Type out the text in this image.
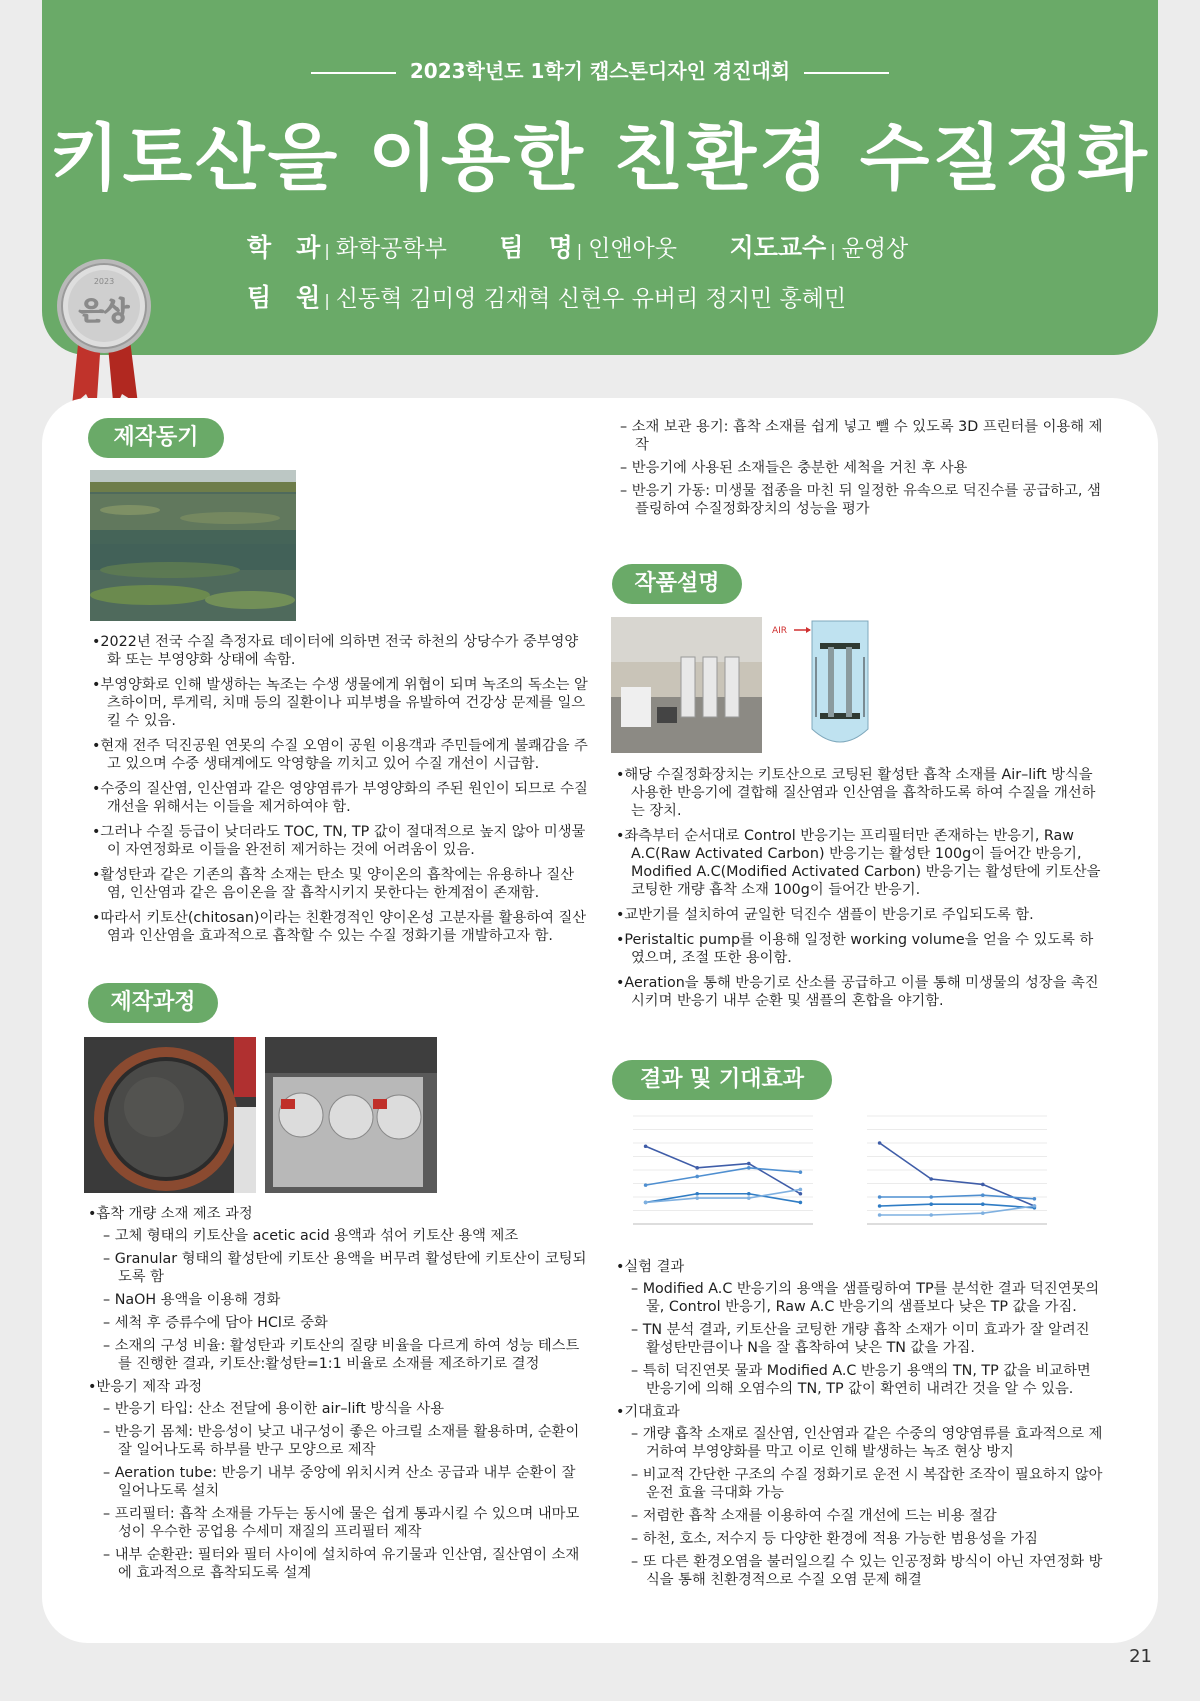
2023학년도 1학기 캡스톤디자인 경진대회
키토산을 이용한 친환경 수질정화
학　과 | 화학공학부 팀　명 | 인앤아웃 지도교수 | 윤영상
팀　원 | 신동혁 김미영 김재혁 신현우 유버리 정지민 홍혜민
2023
은상
제작동기

•2022년 전국 수질 측정자료 데이터에 의하면 전국 하천의 상당수가 중부영양화 또는 부영양화 상태에 속함.

•부영양화로 인해 발생하는 녹조는 수생 생물에게 위협이 되며 녹조의 독소는 알츠하이머, 루게릭, 치매 등의 질환이나 피부병을 유발하여 건강상 문제를 일으킬 수 있음.

•현재 전주 덕진공원 연못의 수질 오염이 공원 이용객과 주민들에게 불쾌감을 주고 있으며 수중 생태계에도 악영향을 끼치고 있어 수질 개선이 시급함.

•수중의 질산염, 인산염과 같은 영양염류가 부영양화의 주된 원인이 되므로 수질 개선을 위해서는 이들을 제거하여야 함.

•그러나 수질 등급이 낮더라도 TOC, TN, TP 값이 절대적으로 높지 않아 미생물이 자연정화로 이들을 완전히 제거하는 것에 어려움이 있음.

•활성탄과 같은 기존의 흡착 소재는 탄소 및 양이온의 흡착에는 유용하나 질산염, 인산염과 같은 음이온을 잘 흡착시키지 못한다는 한계점이 존재함.

•따라서 키토산(chitosan)이라는 친환경적인 양이온성 고분자를 활용하여 질산염과 인산염을 효과적으로 흡착할 수 있는 수질 정화기를 개발하고자 함.

제작과정

•흡착 개량 소재 제조 과정

– 고체 형태의 키토산을 acetic acid 용액과 섞어 키토산 용액 제조

– Granular 형태의 활성탄에 키토산 용액을 버무려 활성탄에 키토산이 코팅되도록 함

– NaOH 용액을 이용해 경화

– 세척 후 증류수에 담아 HCl로 중화

– 소재의 구성 비율: 활성탄과 키토산의 질량 비율을 다르게 하여 성능 테스트를 진행한 결과, 키토산:활성탄=1:1 비율로 소재를 제조하기로 결정

•반응기 제작 과정

– 반응기 타입: 산소 전달에 용이한 air–lift 방식을 사용

– 반응기 몸체: 반응성이 낮고 내구성이 좋은 아크릴 소재를 활용하며, 순환이 잘 일어나도록 하부를 반구 모양으로 제작

– Aeration tube: 반응기 내부 중앙에 위치시켜 산소 공급과 내부 순환이 잘 일어나도록 설치

– 프리필터: 흡착 소재를 가두는 동시에 물은 쉽게 통과시킬 수 있으며 내마모성이 우수한 공업용 수세미 재질의 프리필터 제작

– 내부 순환관: 필터와 필터 사이에 설치하여 유기물과 인산염, 질산염이 소재에 효과적으로 흡착되도록 설계

– 소재 보관 용기: 흡착 소재를 쉽게 넣고 뺄 수 있도록 3D 프린터를 이용해 제작

– 반응기에 사용된 소재들은 충분한 세척을 거친 후 사용

– 반응기 가동: 미생물 접종을 마친 뒤 일정한 유속으로 덕진수를 공급하고, 샘플링하여 수질정화장치의 성능을 평가

작품설명
AIR

•해당 수질정화장치는 키토산으로 코팅된 활성탄 흡착 소재를 Air–lift 방식을 사용한 반응기에 결합해 질산염과 인산염을 흡착하도록 하여 수질을 개선하는 장치.

•좌측부터 순서대로 Control 반응기는 프리필터만 존재하는 반응기, Raw A.C(Raw Activated Carbon) 반응기는 활성탄 100g이 들어간 반응기, Modified A.C(Modified Activated Carbon) 반응기는 활성탄에 키토산을 코팅한 개량 흡착 소재 100g이 들어간 반응기.

•교반기를 설치하여 균일한 덕진수 샘플이 반응기로 주입되도록 함.

•Peristaltic pump를 이용해 일정한 working volume을 얻을 수 있도록 하였으며, 조절 또한 용이함.

•Aeration을 통해 반응기로 산소를 공급하고 이를 통해 미생물의 성장을 촉진시키며 반응기 내부 순환 및 샘플의 혼합을 야기함.

결과 및 기대효과

•실험 결과

– Modified A.C 반응기의 용액을 샘플링하여 TP를 분석한 결과 덕진연못의 물, Control 반응기, Raw A.C 반응기의 샘플보다 낮은 TP 값을 가짐.

– TN 분석 결과, 키토산을 코팅한 개량 흡착 소재가 이미 효과가 잘 알려진 활성탄만큼이나 N을 잘 흡착하여 낮은 TN 값을 가짐.

– 특히 덕진연못 물과 Modified A.C 반응기 용액의 TN, TP 값을 비교하면 반응기에 의해 오염수의 TN, TP 값이 확연히 내려간 것을 알 수 있음.

•기대효과

– 개량 흡착 소재로 질산염, 인산염과 같은 수중의 영양염류를 효과적으로 제거하여 부영양화를 막고 이로 인해 발생하는 녹조 현상 방지

– 비교적 간단한 구조의 수질 정화기로 운전 시 복잡한 조작이 필요하지 않아 운전 효율 극대화 가능

– 저렴한 흡착 소재를 이용하여 수질 개선에 드는 비용 절감

– 하천, 호소, 저수지 등 다양한 환경에 적용 가능한 범용성을 가짐

– 또 다른 환경오염을 불러일으킬 수 있는 인공정화 방식이 아닌 자연정화 방식을 통해 친환경적으로 수질 오염 문제 해결

21
